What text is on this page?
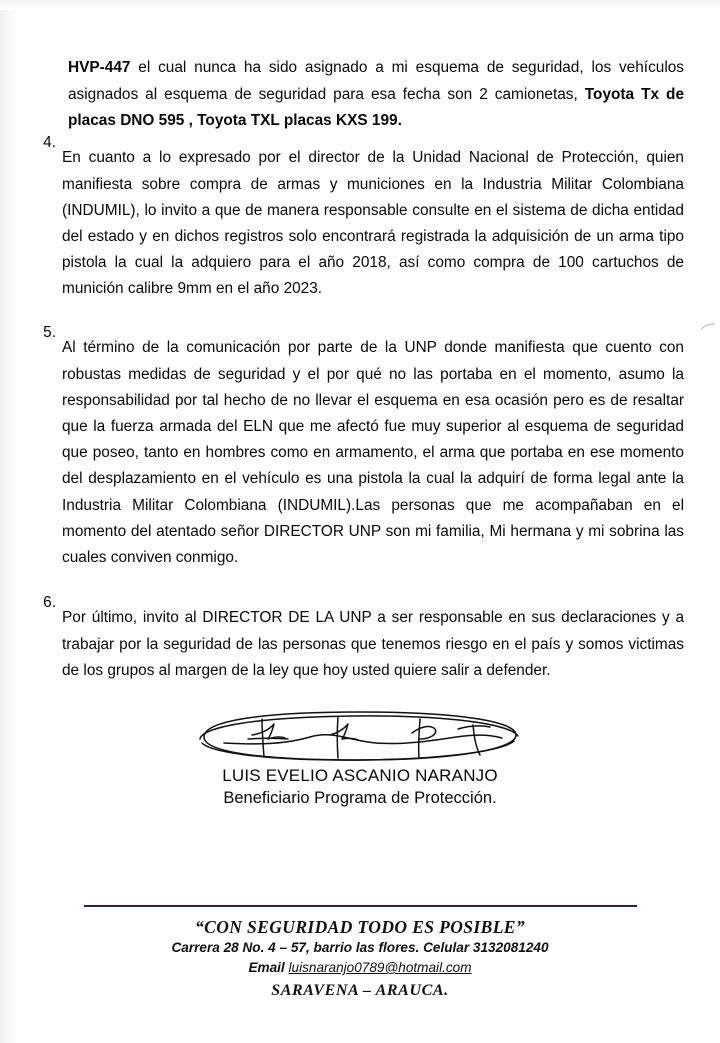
HVP-447 el cual nunca ha sido asignado a mi esquema de seguridad, los vehículos asignados al esquema de seguridad para esa fecha son 2 camionetas, Toyota Tx de placas DNO 595 , Toyota TXL placas KXS 199.

4.

En cuanto a lo expresado por el director de la Unidad Nacional de Protección, quien manifiesta sobre compra de armas y municiones en la Industria Militar Colombiana (INDUMIL), lo invito a que de manera responsable consulte en el sistema de dicha entidad del estado y en dichos registros solo encontrará registrada la adquisición de un arma tipo pistola la cual la adquiero para el año 2018, así como compra de 100 cartuchos de munición calibre 9mm en el año 2023.

5.

Al término de la comunicación por parte de la UNP donde manifiesta que cuento con robustas medidas de seguridad y el por qué no las portaba en el momento, asumo la responsabilidad por tal hecho de no llevar el esquema en esa ocasión pero es de resaltar que la fuerza armada del ELN que me afectó fue muy superior al esquema de seguridad que poseo, tanto en hombres como en armamento, el arma que portaba en ese momento del desplazamiento en el vehículo es una pistola la cual la adquirí de forma legal ante la Industria Militar Colombiana (INDUMIL).Las personas que me acompañaban en el momento del atentado señor DIRECTOR UNP son mi familia, Mi hermana y mi sobrina las cuales conviven conmigo.

6.

Por último, invito al DIRECTOR DE LA UNP a ser responsable en sus declaraciones y a trabajar por la seguridad de las personas que tenemos riesgo en el país y somos victimas de los grupos al margen de la ley que hoy usted quiere salir a defender.

LUIS EVELIO ASCANIO NARANJO
Beneficiario Programa de Protección.
“CON SEGURIDAD TODO ES POSIBLE”
Carrera 28 No. 4 – 57, barrio las flores. Celular 3132081240
Email luisnaranjo0789@hotmail.com
SARAVENA – ARAUCA.
